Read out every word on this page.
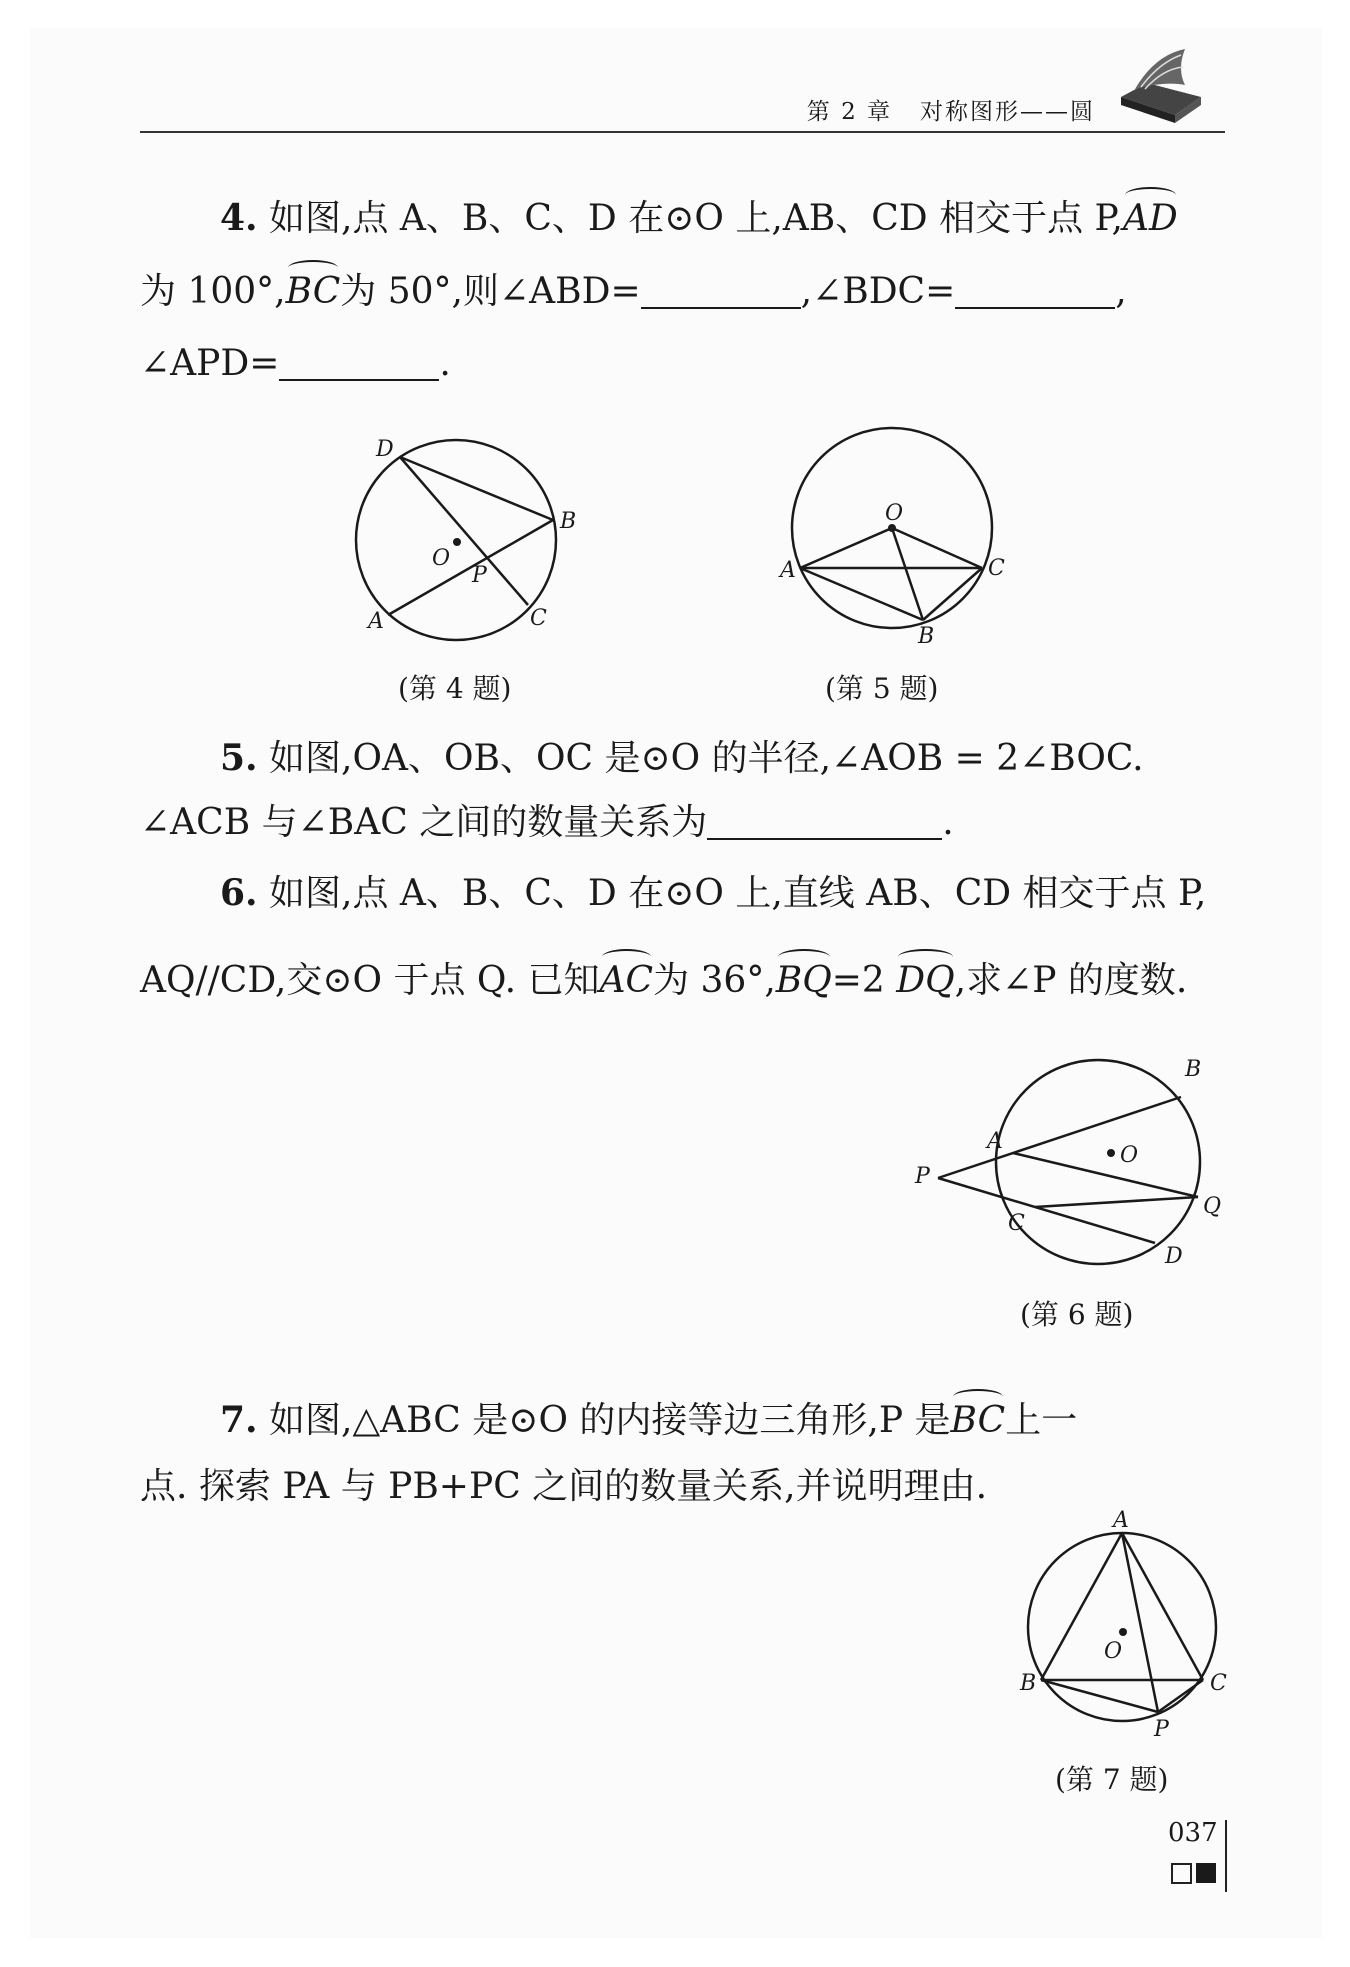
第 2 章 对称图形——圆
4. 如图,点 A、B、C、D 在⊙O 上,AB、CD 相交于点 P,AD
为 100°,BC为 50°,则∠ABD=	,∠BDC=	,
∠APD=	.
D
B
O
P
A	C
(第 4 题)
O
A	C
B
(第 5 题)
5. 如图,OA、OB、OC 是⊙O 的半径,∠AOB = 2∠BOC.
∠ACB 与∠BAC 之间的数量关系为	.
6. 如图,点 A、B、C、D 在⊙O 上,直线 AB、CD 相交于点 P,
AQ//CD,交⊙O 于点 Q. 已知AC为 36°,BQ=2 DQ,求∠P 的度数.
B
A
O
P
Q
C
D
(第 6 题)
7. 如图,△ABC 是⊙O 的内接等边三角形,P 是BC上一
点. 探索 PA 与 PB+PC 之间的数量关系,并说明理由.
A
O
B	C
P
(第 7 题)
037
